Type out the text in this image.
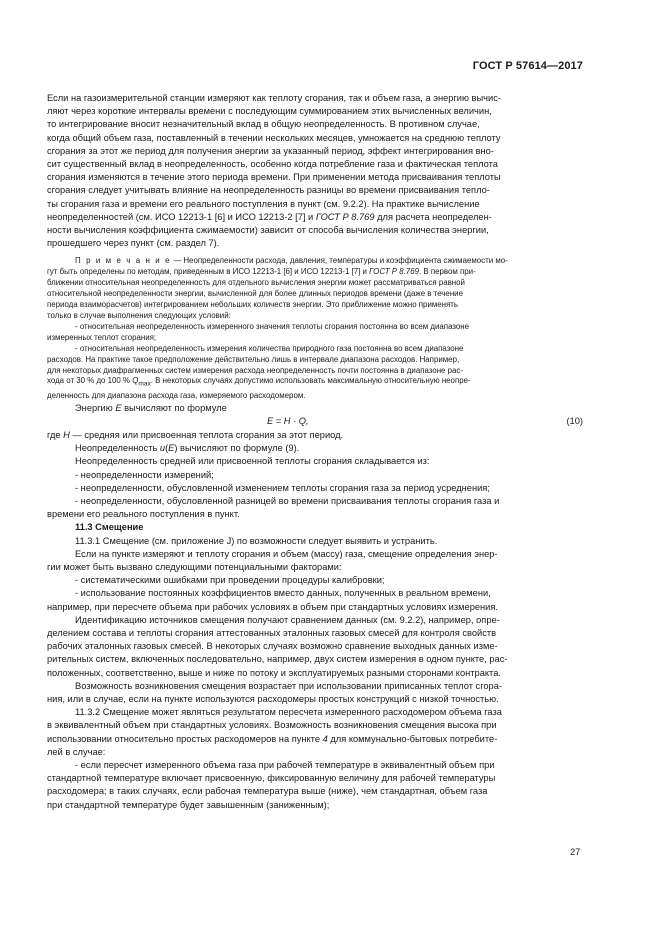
ГОСТ Р 57614—2017

Если на газоизмерительной станции измеряют как теплоту сгорания, так и объем газа, а энергию вычис-

ляют через короткие интервалы времени с последующим суммированием этих вычисленных величин,

то интегрирование вносит незначительный вклад в общую неопределенность. В противном случае,

когда общий объем газа, поставленный в течении нескольких месяцев, умножается на среднюю теплоту

сгорания за этот же период для получения энергии за указанный период, эффект интегрирования вно-

сит существенный вклад в неопределенность, особенно когда потребление газа и фактическая теплота

сгорания изменяются в течение этого периода времени. При применении метода присваивания теплоты

сгорания следует учитывать влияние на неопределенность разницы во времени присваивания тепло-

ты сгорания газа и времени его реального поступления в пункт (см. 9.2.2). На практике вычисление

неопределенностей (см. ИСО 12213-1 [6] и ИСО 12213-2 [7] и ГОСТ Р 8.769 для расчета неопределен-

ности вычисления коэффициента сжимаемости) зависит от способа вычисления количества энергии,

прошедшего через пункт (см. раздел 7).

П р и м е ч а н и е — Неопределенности расхода, давления, температуры и коэффициента сжимаемости мо-

гут быть определены по методам, приведенным в ИСО 12213-1 [6] и ИСО 12213-1 [7] и ГОСТ Р 8.769. В первом при-

ближении относительная неопределенность для отдельного вычисления энергии может рассматриваться равной

относительной неопределенности энергии, вычисленной для более длинных периодов времени (даже в течение

периода взаиморасчетов) интегрированием небольших количеств энергии. Это приближение можно применять

только в случае выполнения следующих условий:

- относительная неопределенность измеренного значения теплоты сгорания постоянна во всем диапазоне

измеренных теплот сгорания;

- относительная неопределенность измерения количества природного газа постоянна во всем диапазоне

расходов. На практике такое предположение действительно лишь в интервале диапазона расходов. Например,

для некоторых диафрагменных систем измерения расхода неопределенность почти постоянна в диапазоне рас-

хода от 30 % до 100 % $Q_{max}$. В некоторых случаях допустимо использовать максимальную относительную неопре-

деленность для диапазона расхода газа, измеряемого расходомером.

Энергию E вычисляют по формуле

E = H · Q,	(10)

где H — средняя или присвоенная теплота сгорания за этот период.

Неопределенность u(E) вычисляют по формуле (9).

Неопределенность средней или присвоенной теплоты сгорания складывается из:

- неопределенности измерений;

- неопределенности, обусловленной изменением теплоты сгорания газа за период усреднения;

- неопределенности, обусловленной разницей во времени присваивания теплоты сгорания газа и

времени его реального поступления в пункт.

11.3 Смещение

11.3.1 Смещение (см. приложение J) по возможности следует выявить и устранить.

Если на пункте измеряют и теплоту сгорания и объем (массу) газа, смещение определения энер-

гии может быть вызвано следующими потенциальными факторами:

- систематическими ошибками при проведении процедуры калибровки;

- использование постоянных коэффициентов вместо данных, полученных в реальном времени,

например, при пересчете объема при рабочих условиях в объем при стандартных условиях измерения.

Идентификацию источников смещения получают сравнением данных (см. 9.2.2), например, опре-

делением состава и теплоты сгорания аттестованных эталонных газовых смесей для контроля свойств

рабочих эталонных газовых смесей. В некоторых случаях возможно сравнение выходных данных изме-

рительных систем, включенных последовательно, например, двух систем измерения в одном пункте, рас-

положенных, соответственно, выше и ниже по потоку и эксплуатируемых разными сторонами контракта.

Возможность возникновения смещения возрастает при использовании приписанных теплот сгора-

ния, или в случае, если на пункте используются расходомеры простых конструкций с низкой точностью.

11.3.2 Смещение может являться результатом пересчета измеренного расходомером объема газа

в эквивалентный объем при стандартных условиях. Возможность возникновения смещения высока при

использовании относительно простых расходомеров на пункте 4 для коммунально-бытовых потребите-

лей в случае:

- если пересчет измеренного объема газа при рабочей температуре в эквивалентный объем при

стандартной температуре включает присвоенную, фиксированную величину для рабочей температуры

расходомера; в таких случаях, если рабочая температура выше (ниже), чем стандартная, объем газа

при стандартной температуре будет завышенным (заниженным);

27
